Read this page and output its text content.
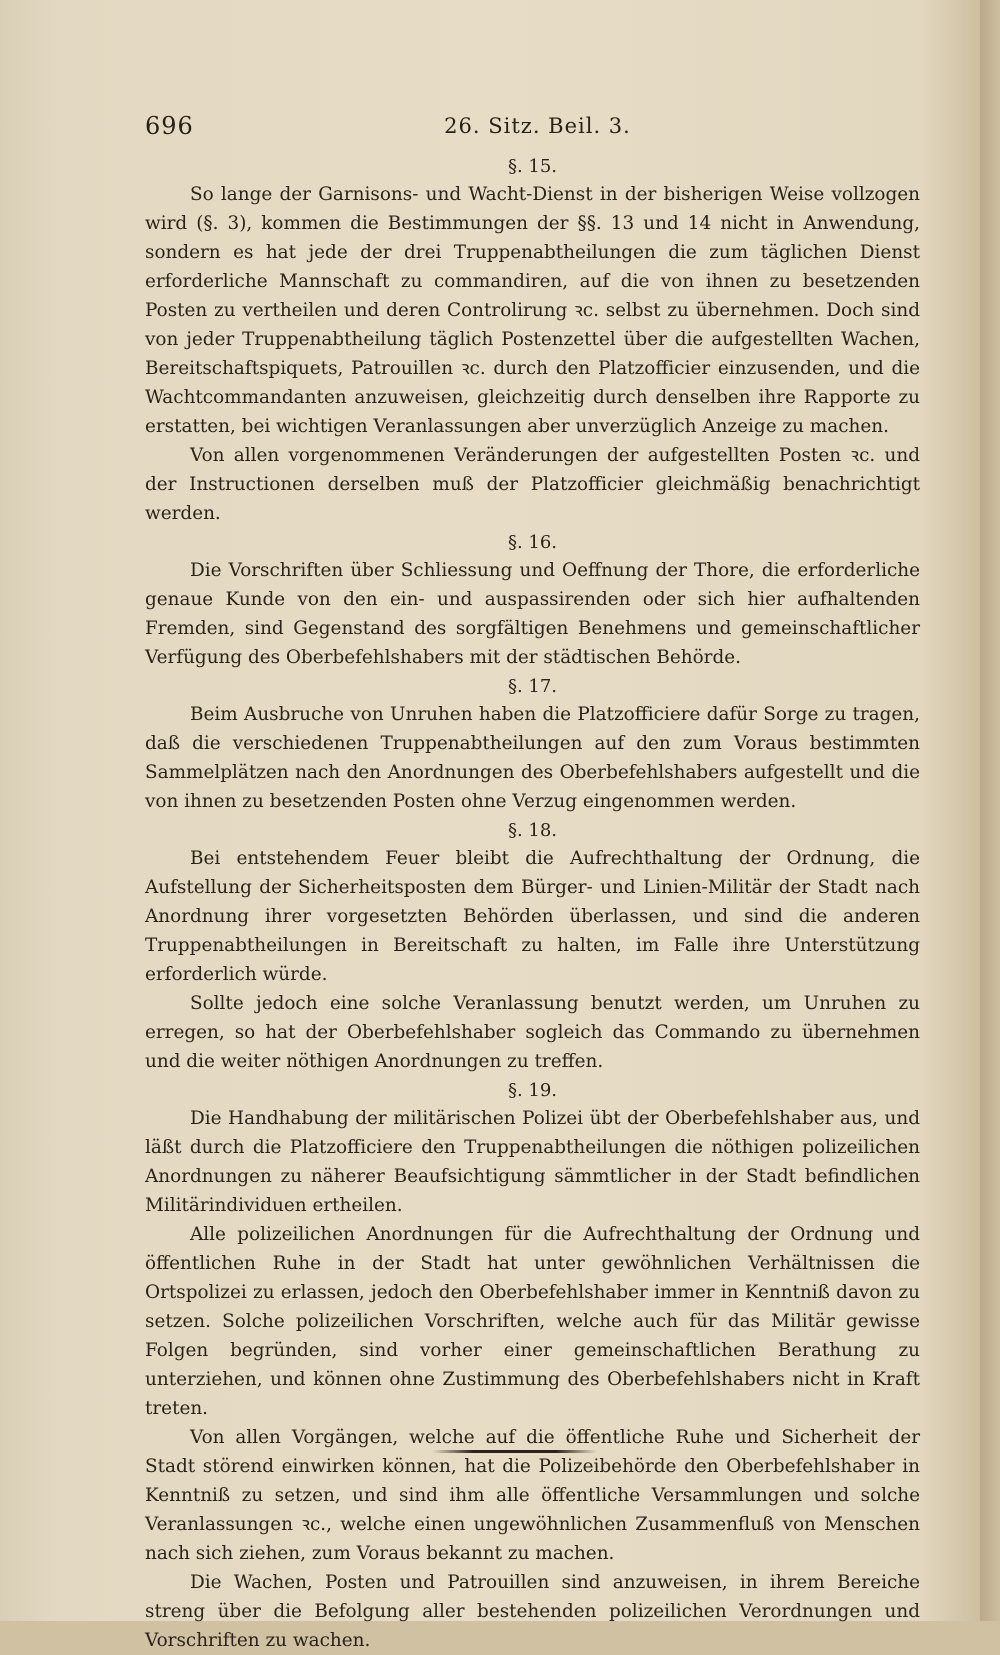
696	26. Sitz. Beil. 3.
§. 15.

So lange der Garnisons- und Wacht-Dienst in der bisherigen Weise vollzogen wird (§. 3), kommen die Bestimmungen der §§. 13 und 14 nicht in Anwendung, sondern es hat jede der drei Truppenabtheilungen die zum täglichen Dienst erforderliche Mannschaft zu commandiren, auf die von ihnen zu besetzenden Posten zu vertheilen und deren Controlirung ꝛc. selbst zu übernehmen. Doch sind von jeder Truppenabtheilung täglich Postenzettel über die aufgestellten Wachen, Bereitschaftspiquets, Patrouillen ꝛc. durch den Platzofficier einzusenden, und die Wachtcommandanten anzuweisen, gleichzeitig durch denselben ihre Rapporte zu erstatten, bei wichtigen Veranlassungen aber unverzüglich Anzeige zu machen.

Von allen vorgenommenen Veränderungen der aufgestellten Posten ꝛc. und der Instructionen derselben muß der Platzofficier gleichmäßig benachrichtigt werden.

§. 16.

Die Vorschriften über Schliessung und Oeffnung der Thore, die erforderliche genaue Kunde von den ein- und auspassirenden oder sich hier aufhaltenden Fremden, sind Gegenstand des sorgfältigen Benehmens und gemeinschaftlicher Verfügung des Oberbefehlshabers mit der städtischen Behörde.

§. 17.

Beim Ausbruche von Unruhen haben die Platzofficiere dafür Sorge zu tragen, daß die verschiedenen Truppenabtheilungen auf den zum Voraus bestimmten Sammelplätzen nach den Anordnungen des Oberbefehlshabers aufgestellt und die von ihnen zu besetzenden Posten ohne Verzug eingenommen werden.

§. 18.

Bei entstehendem Feuer bleibt die Aufrechthaltung der Ordnung, die Aufstellung der Sicherheitsposten dem Bürger- und Linien-Militär der Stadt nach Anordnung ihrer vorgesetzten Behörden überlassen, und sind die anderen Truppenabtheilungen in Bereitschaft zu halten, im Falle ihre Unterstützung erforderlich würde.

Sollte jedoch eine solche Veranlassung benutzt werden, um Unruhen zu erregen, so hat der Oberbefehlshaber sogleich das Commando zu übernehmen und die weiter nöthigen Anordnungen zu treffen.

§. 19.

Die Handhabung der militärischen Polizei übt der Oberbefehlshaber aus, und läßt durch die Platzofficiere den Truppenabtheilungen die nöthigen polizeilichen Anordnungen zu näherer Beaufsichtigung sämmtlicher in der Stadt befindlichen Militärindividuen ertheilen.

Alle polizeilichen Anordnungen für die Aufrechthaltung der Ordnung und öffentlichen Ruhe in der Stadt hat unter gewöhnlichen Verhältnissen die Ortspolizei zu erlassen, jedoch den Oberbefehlshaber immer in Kenntniß davon zu setzen. Solche polizeilichen Vorschriften, welche auch für das Militär gewisse Folgen begründen, sind vorher einer gemeinschaftlichen Berathung zu unterziehen, und können ohne Zustimmung des Oberbefehlshabers nicht in Kraft treten.

Von allen Vorgängen, welche auf die öffentliche Ruhe und Sicherheit der Stadt störend einwirken können, hat die Polizeibehörde den Oberbefehlshaber in Kenntniß zu setzen, und sind ihm alle öffentliche Versammlungen und solche Veranlassungen ꝛc., welche einen ungewöhnlichen Zusammenfluß von Menschen nach sich ziehen, zum Voraus bekannt zu machen.

Die Wachen, Posten und Patrouillen sind anzuweisen, in ihrem Bereiche streng über die Befolgung aller bestehenden polizeilichen Verordnungen und Vorschriften zu wachen.
